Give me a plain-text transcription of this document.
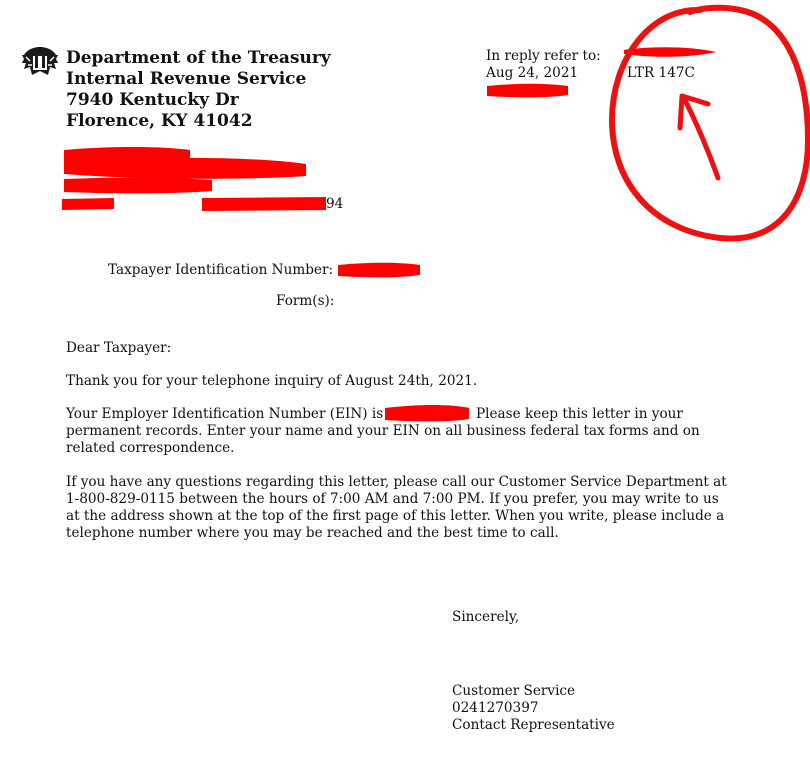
Department of the Treasury
Internal Revenue Service
7940 Kentucky Dr
Florence, KY 41042
In reply refer to:
Aug 24, 2021	LTR 147C
94
Taxpayer Identification Number:
Form(s):
Dear Taxpayer:
Thank you for your telephone inquiry of August 24th, 2021.
Your Employer Identification Number (EIN) is	Please keep this letter in your
permanent records. Enter your name and your EIN on all business federal tax forms and on
related correspondence.
If you have any questions regarding this letter, please call our Customer Service Department at
1-800-829-0115 between the hours of 7:00 AM and 7:00 PM. If you prefer, you may write to us
at the address shown at the top of the first page of this letter. When you write, please include a
telephone number where you may be reached and the best time to call.
Sincerely,
Customer Service
0241270397
Contact Representative
